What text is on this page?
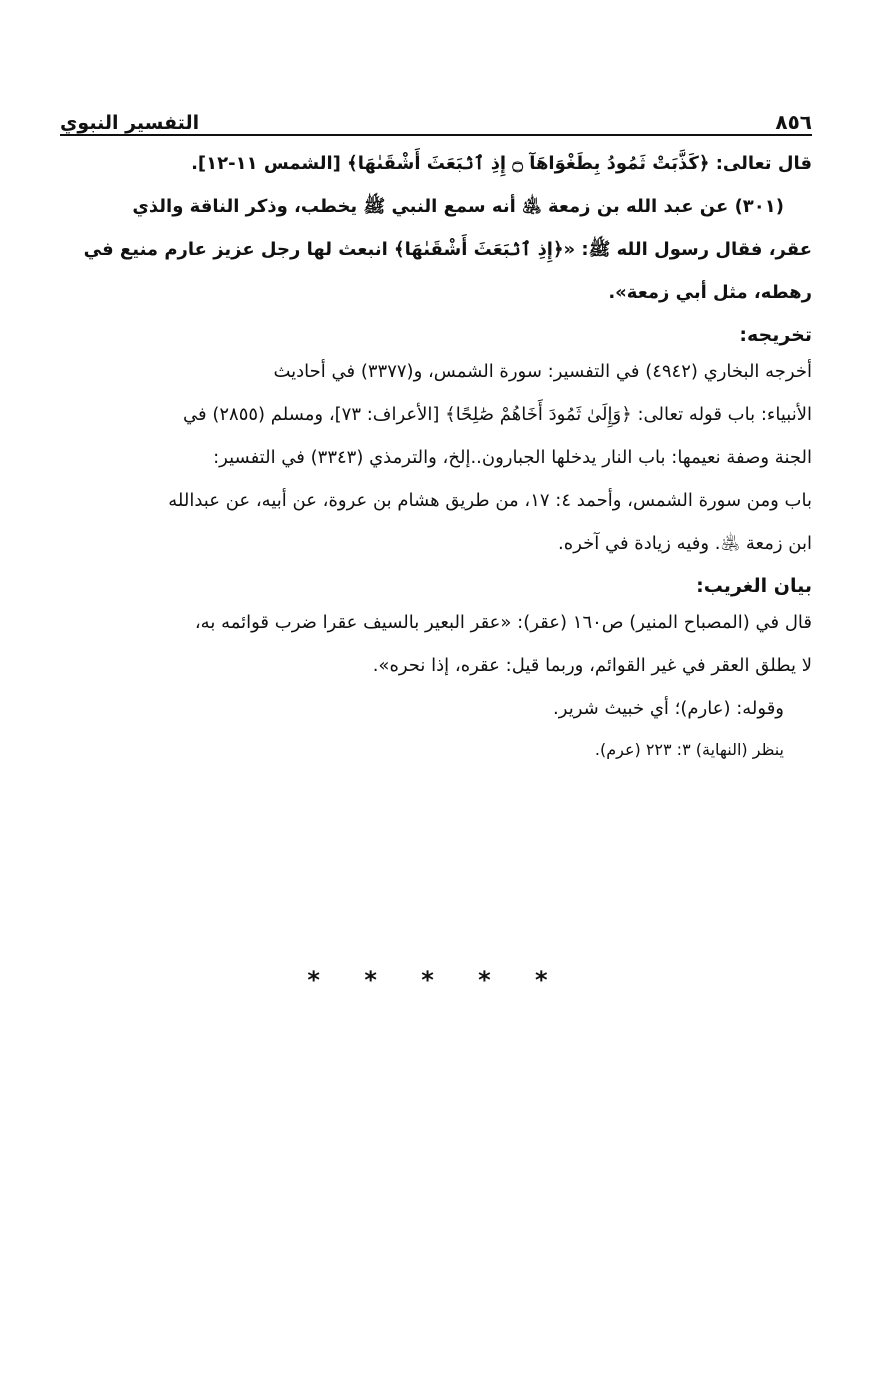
التفسير النبوي	٨٥٦
قال تعالى: ﴿كَذَّبَتْ ثَمُودُ بِطَغْوَاهَآ ۝ إِذِ ٱنۢبَعَثَ أَشْقَىٰهَا﴾ [الشمس ١١-١٢].
(٣٠١) عن عبد الله بن زمعة ﵁ أنه سمع النبي ﷺ يخطب، وذكر الناقة والذي
عقر، فقال رسول الله ﷺ: «﴿إِذِ ٱنۢبَعَثَ أَشْقَىٰهَا﴾ انبعث لها رجل عزيز عارم منيع في
رهطه، مثل أبي زمعة».
تخريجه:
أخرجه البخاري (٤٩٤٢) في التفسير: سورة الشمس، و(٣٣٧٧) في أحاديث
الأنبياء: باب قوله تعالى: ﴿وَإِلَىٰ ثَمُودَ أَخَاهُمْ صَٰلِحًا﴾ [الأعراف: ٧٣]، ومسلم (٢٨٥٥) في
الجنة وصفة نعيمها: باب النار يدخلها الجبارون..إلخ، والترمذي (٣٣٤٣) في التفسير:
باب ومن سورة الشمس، وأحمد ٤: ١٧، من طريق هشام بن عروة، عن أبيه، عن عبدالله
ابن زمعة ﵁. وفيه زيادة في آخره.
بيان الغريب:
قال في (المصباح المنير) ص١٦٠ (عقر): «عقر البعير بالسيف عقرا ضرب قوائمه به،
لا يطلق العقر في غير القوائم، وربما قيل: عقره، إذا نحره».
وقوله: (عارم)؛ أي خبيث شرير.
ينظر (النهاية) ٣: ٢٢٣ (عرم).
* * * * *
